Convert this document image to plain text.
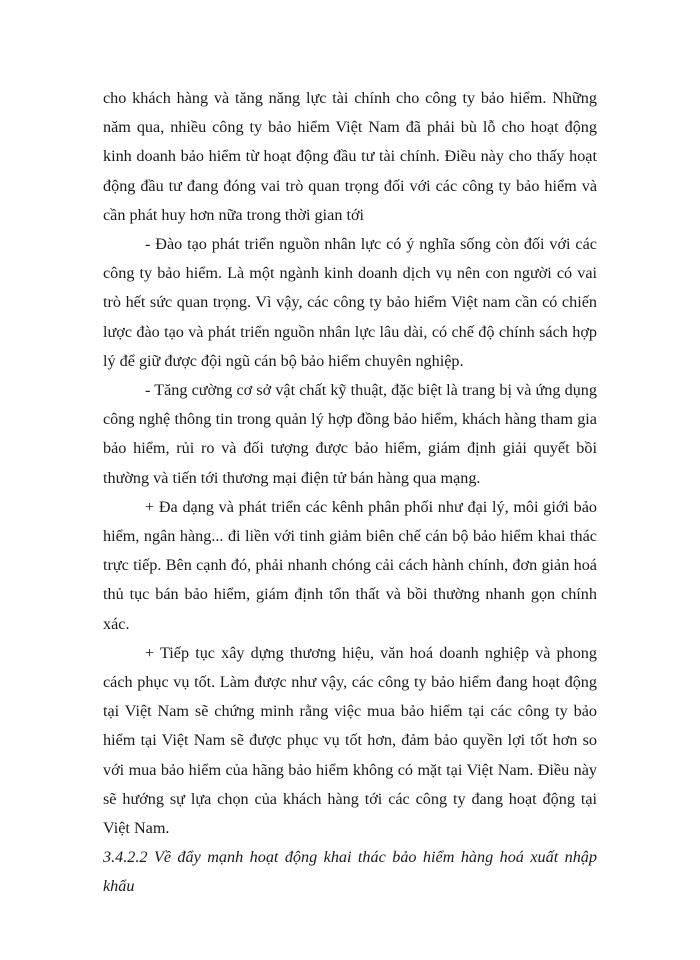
cho khách hàng và tăng năng lực tài chính cho công ty bảo hiểm. Những năm qua, nhiều công ty bảo hiểm Việt Nam đã phải bù lỗ cho hoạt động kinh doanh bảo hiểm từ hoạt động đầu tư tài chính. Điều này cho thấy hoạt động đầu tư đang đóng vai trò quan trọng đối với các công ty bảo hiểm và cần phát huy hơn nữa trong thời gian tới

- Đào tạo phát triển nguồn nhân lực có ý nghĩa sống còn đối với các công ty bảo hiểm. Là một ngành kinh doanh dịch vụ nên con người có vai trò hết sức quan trọng. Vì vậy, các công ty bảo hiểm Việt nam cần có chiến lược đào tạo và phát triển nguồn nhân lực lâu dài, có chế độ chính sách hợp lý để giữ được đội ngũ cán bộ bảo hiểm chuyên nghiệp.

- Tăng cường cơ sở vật chất kỹ thuật, đặc biệt là trang bị và ứng dụng công nghệ thông tin trong quản lý hợp đồng bảo hiểm, khách hàng tham gia bảo hiểm, rủi ro và đối tượng được bảo hiểm, giám định giải quyết bồi thường và tiến tới thương mại điện tử bán hàng qua mạng.

+ Đa dạng và phát triển các kênh phân phối như đại lý, môi giới bảo hiểm, ngân hàng... đi liền với tinh giảm biên chế cán bộ bảo hiểm khai thác trực tiếp. Bên cạnh đó, phải nhanh chóng cải cách hành chính, đơn giản hoá thủ tục bán bảo hiểm, giám định tổn thất và bồi thường nhanh gọn chính xác.

+ Tiếp tục xây dựng thương hiệu, văn hoá doanh nghiệp và phong cách phục vụ tốt. Làm được như vậy, các công ty bảo hiểm đang hoạt động tại Việt Nam sẽ chứng minh rằng việc mua bảo hiểm tại các công ty bảo hiểm tại Việt Nam sẽ được phục vụ tốt hơn, đảm bảo quyền lợi tốt hơn so với mua bảo hiểm của hãng bảo hiểm không có mặt tại Việt Nam. Điều này sẽ hướng sự lựa chọn của khách hàng tới các công ty đang hoạt động tại Việt Nam.

3.4.2.2 Về đẩy mạnh hoạt động khai thác bảo hiểm hàng hoá xuất nhập khẩu
